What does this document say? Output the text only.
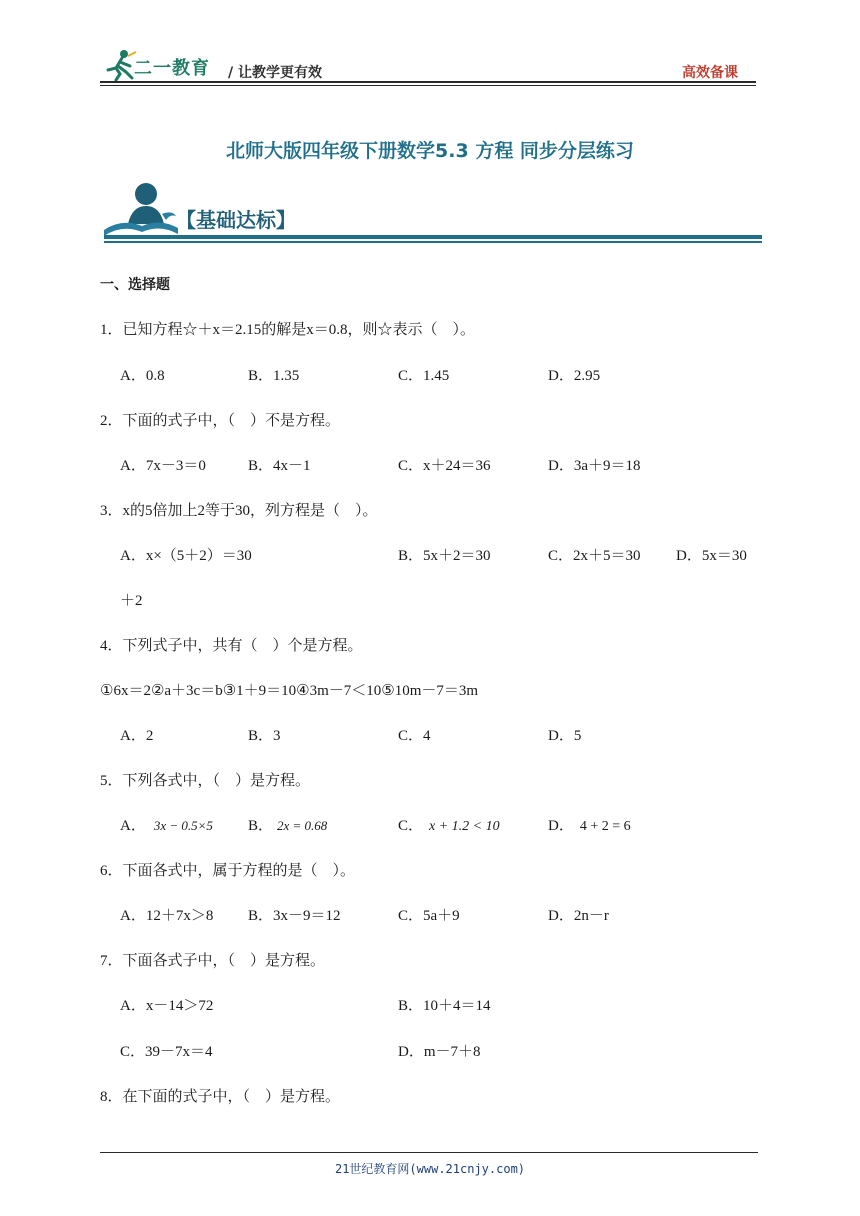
二一教育 / 让教学更有效	高效备课
北师大版四年级下册数学5.3 方程 同步分层练习
【基础达标】
一、选择题
1．已知方程☆＋x＝2.15的解是x＝0.8，则☆表示（　）。
A．0.8	B．1.35	C．1.45	D．2.95
2．下面的式子中，（　）不是方程。
A．7x－3＝0	B．4x－1	C．x＋24＝36	D．3a＋9＝18
3．x的5倍加上2等于30，列方程是（　）。
A．x×（5＋2）＝30	B．5x＋2＝30	C．2x＋5＝30 D．5x＝30
＋2
4．下列式子中，共有（　）个是方程。
①6x＝2②a＋3c＝b③1＋9＝10④3m－7＜10⑤10m－7＝3m
A．2	B．3	C．4	D．5
5．下列各式中，（　）是方程。
A． 3x − 0.5×5 B． 2x = 0.68	C． x + 1.2 < 10	D． 4 + 2 = 6
6．下面各式中，属于方程的是（　）。
A．12＋7x＞8 B．3x－9＝12	C．5a＋9	D．2n－r
7．下面各式子中，（　）是方程。
A．x－14＞72	B．10＋4＝14
C．39－7x＝4	D．m－7＋8
8．在下面的式子中，（　）是方程。
21世纪教育网(www.21cnjy.com)
